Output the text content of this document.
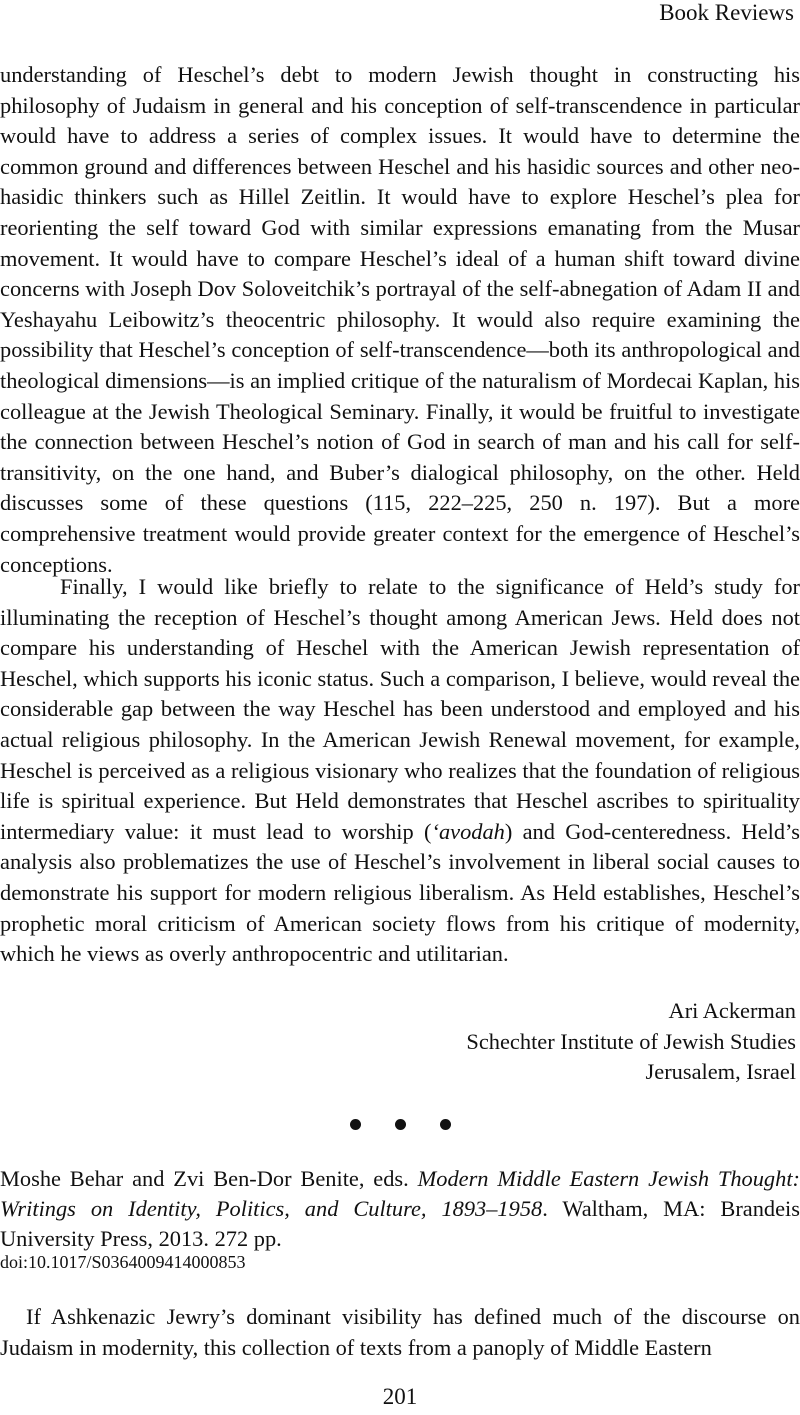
Book Reviews
understanding of Heschel’s debt to modern Jewish thought in constructing his philosophy of Judaism in general and his conception of self-transcendence in particular would have to address a series of complex issues. It would have to determine the common ground and differences between Heschel and his hasidic sources and other neo-hasidic thinkers such as Hillel Zeitlin. It would have to explore Heschel’s plea for reorienting the self toward God with similar expressions emanating from the Musar movement. It would have to compare Heschel’s ideal of a human shift toward divine concerns with Joseph Dov Soloveitchik’s portrayal of the self-abnegation of Adam II and Yeshayahu Leibowitz’s theocentric philosophy. It would also require examining the possibility that Heschel’s conception of self-transcendence—both its anthropological and theological dimensions—is an implied critique of the naturalism of Mordecai Kaplan, his colleague at the Jewish Theological Seminary. Finally, it would be fruitful to investigate the connection between Heschel’s notion of God in search of man and his call for self-transitivity, on the one hand, and Buber’s dialogical philosophy, on the other. Held discusses some of these questions (115, 222–225, 250 n. 197). But a more comprehensive treatment would provide greater context for the emergence of Heschel’s conceptions.
Finally, I would like briefly to relate to the significance of Held’s study for illuminating the reception of Heschel’s thought among American Jews. Held does not compare his understanding of Heschel with the American Jewish representation of Heschel, which supports his iconic status. Such a comparison, I believe, would reveal the considerable gap between the way Heschel has been understood and employed and his actual religious philosophy. In the American Jewish Renewal movement, for example, Heschel is perceived as a religious visionary who realizes that the foundation of religious life is spiritual experience. But Held demonstrates that Heschel ascribes to spirituality intermediary value: it must lead to worship (‘avodah) and God-centeredness. Held’s analysis also problematizes the use of Heschel’s involvement in liberal social causes to demonstrate his support for modern religious liberalism. As Held establishes, Heschel’s prophetic moral criticism of American society flows from his critique of modernity, which he views as overly anthropocentric and utilitarian.
Ari Ackerman
Schechter Institute of Jewish Studies
Jerusalem, Israel
Moshe Behar and Zvi Ben-Dor Benite, eds. Modern Middle Eastern Jewish Thought: Writings on Identity, Politics, and Culture, 1893–1958. Waltham, MA: Brandeis University Press, 2013. 272 pp.
doi:10.1017/S0364009414000853
If Ashkenazic Jewry’s dominant visibility has defined much of the discourse on Judaism in modernity, this collection of texts from a panoply of Middle Eastern
201
